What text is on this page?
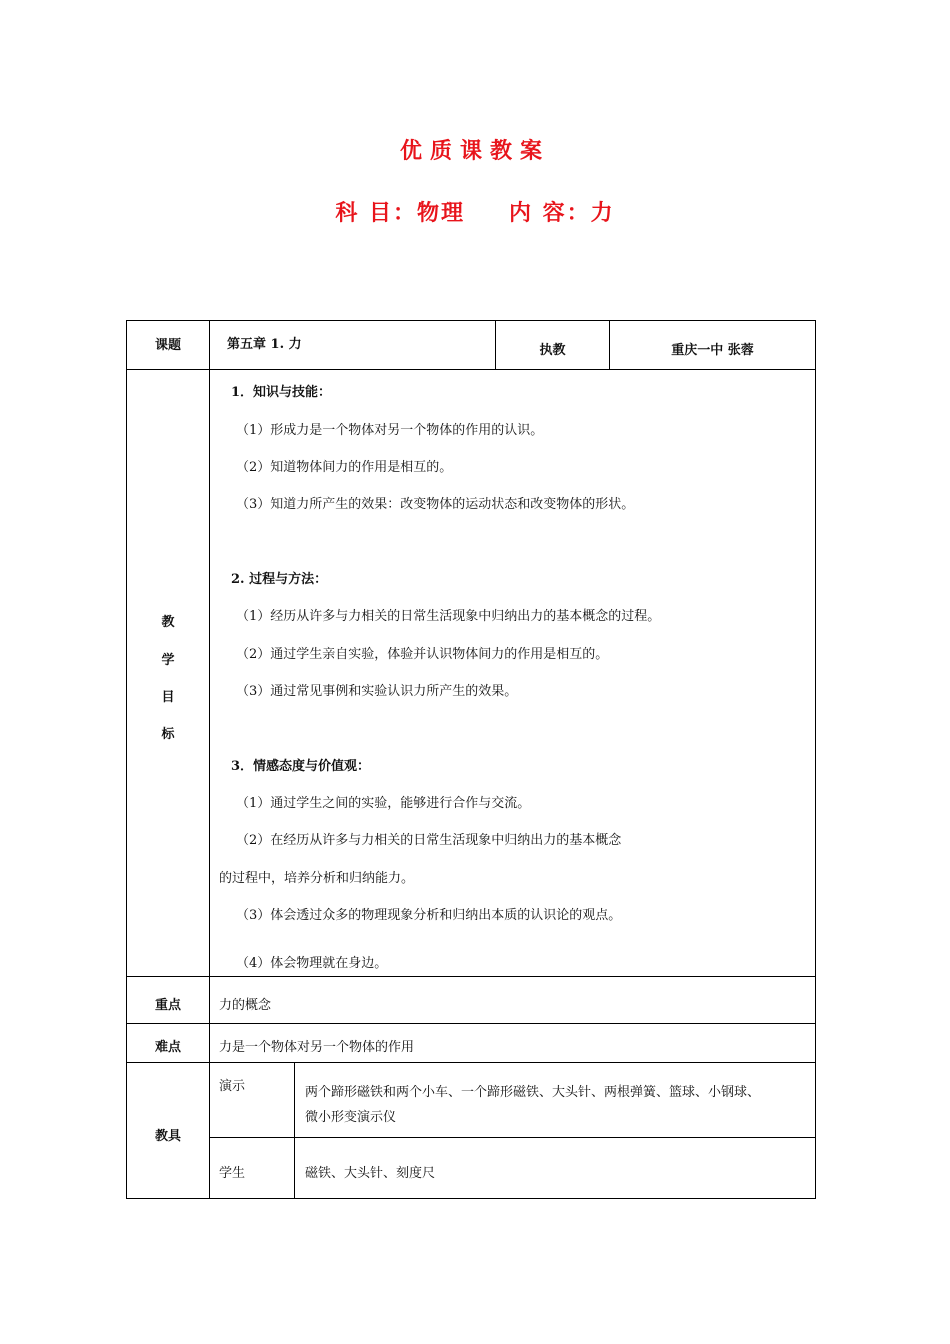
优质课教案
科 目：物理 内 容：力
课题	第五章 1. 力	执教	重庆一中 张蓉
教
学
目
标
1．知识与技能：
（1）形成力是一个物体对另一个物体的作用的认识。
（2）知道物体间力的作用是相互的。
（3）知道力所产生的效果：改变物体的运动状态和改变物体的形状。
2. 过程与方法：
（1）经历从许多与力相关的日常生活现象中归纳出力的基本概念的过程。
（2）通过学生亲自实验，体验并认识物体间力的作用是相互的。
（3）通过常见事例和实验认识力所产生的效果。
3．情感态度与价值观：
（1）通过学生之间的实验，能够进行合作与交流。
（2）在经历从许多与力相关的日常生活现象中归纳出力的基本概念
的过程中，培养分析和归纳能力。
（3）体会透过众多的物理现象分析和归纳出本质的认识论的观点。
（4）体会物理就在身边。
重点	力的概念
难点	力是一个物体对另一个物体的作用
教具
演示	两个蹄形磁铁和两个小车、一个蹄形磁铁、大头针、两根弹簧、篮球、小钢球、
微小形变演示仪
学生	磁铁、大头针、刻度尺
